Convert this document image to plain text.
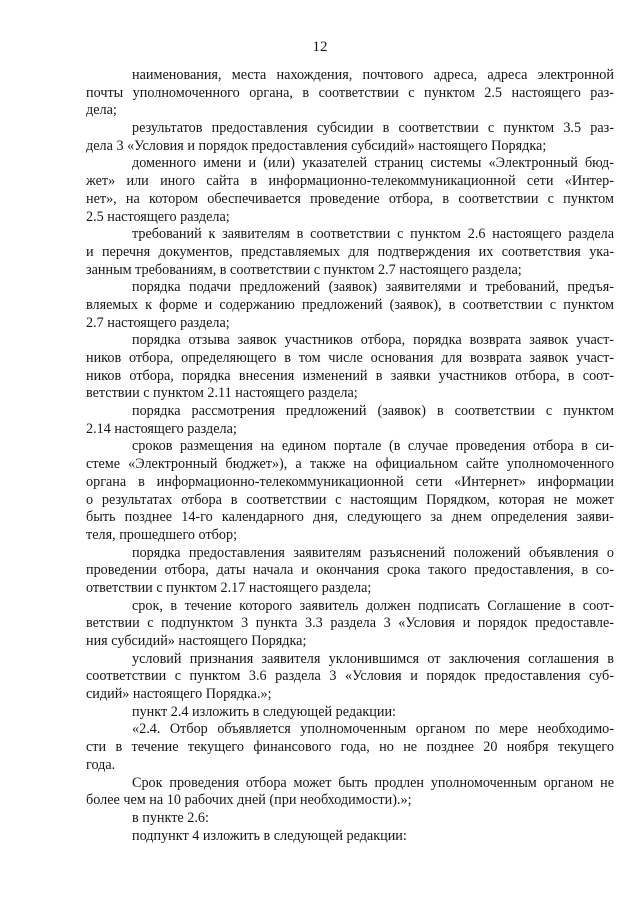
12
наименования, места нахождения, почтового адреса, адреса электронной
почты уполномоченного органа, в соответствии с пунктом 2.5 настоящего раз-
дела;
результатов предоставления субсидии в соответствии с пунктом 3.5 раз-
дела 3 «Условия и порядок предоставления субсидий» настоящего Порядка;
доменного имени и (или) указателей страниц системы «Электронный бюд-
жет» или иного сайта в информационно-телекоммуникационной сети «Интер-
нет», на котором обеспечивается проведение отбора, в соответствии с пунктом
2.5 настоящего раздела;
требований к заявителям в соответствии с пунктом 2.6 настоящего раздела
и перечня документов, представляемых для подтверждения их соответствия ука-
занным требованиям, в соответствии с пунктом 2.7 настоящего раздела;
порядка подачи предложений (заявок) заявителями и требований, предъя-
вляемых к форме и содержанию предложений (заявок), в соответствии с пунктом
2.7 настоящего раздела;
порядка отзыва заявок участников отбора, порядка возврата заявок участ-
ников отбора, определяющего в том числе основания для возврата заявок участ-
ников отбора, порядка внесения изменений в заявки участников отбора, в соот-
ветствии с пунктом 2.11 настоящего раздела;
порядка рассмотрения предложений (заявок) в соответствии с пунктом
2.14 настоящего раздела;
сроков размещения на едином портале (в случае проведения отбора в си-
стеме «Электронный бюджет»), а также на официальном сайте уполномоченного
органа в информационно-телекоммуникационной сети «Интернет» информации
о результатах отбора в соответствии с настоящим Порядком, которая не может
быть позднее 14-го календарного дня, следующего за днем определения заяви-
теля, прошедшего отбор;
порядка предоставления заявителям разъяснений положений объявления о
проведении отбора, даты начала и окончания срока такого предоставления, в со-
ответствии с пунктом 2.17 настоящего раздела;
срок, в течение которого заявитель должен подписать Соглашение в соот-
ветствии с подпунктом 3 пункта 3.3 раздела 3 «Условия и порядок предоставле-
ния субсидий» настоящего Порядка;
условий признания заявителя уклонившимся от заключения соглашения в
соответствии с пунктом 3.6 раздела 3 «Условия и порядок предоставления суб-
сидий» настоящего Порядка.»;
пункт 2.4 изложить в следующей редакции:
«2.4. Отбор объявляется уполномоченным органом по мере необходимо-
сти в течение текущего финансового года, но не позднее 20 ноября текущего
года.
Срок проведения отбора может быть продлен уполномоченным органом не
более чем на 10 рабочих дней (при необходимости).»;
в пункте 2.6:
подпункт 4 изложить в следующей редакции:
